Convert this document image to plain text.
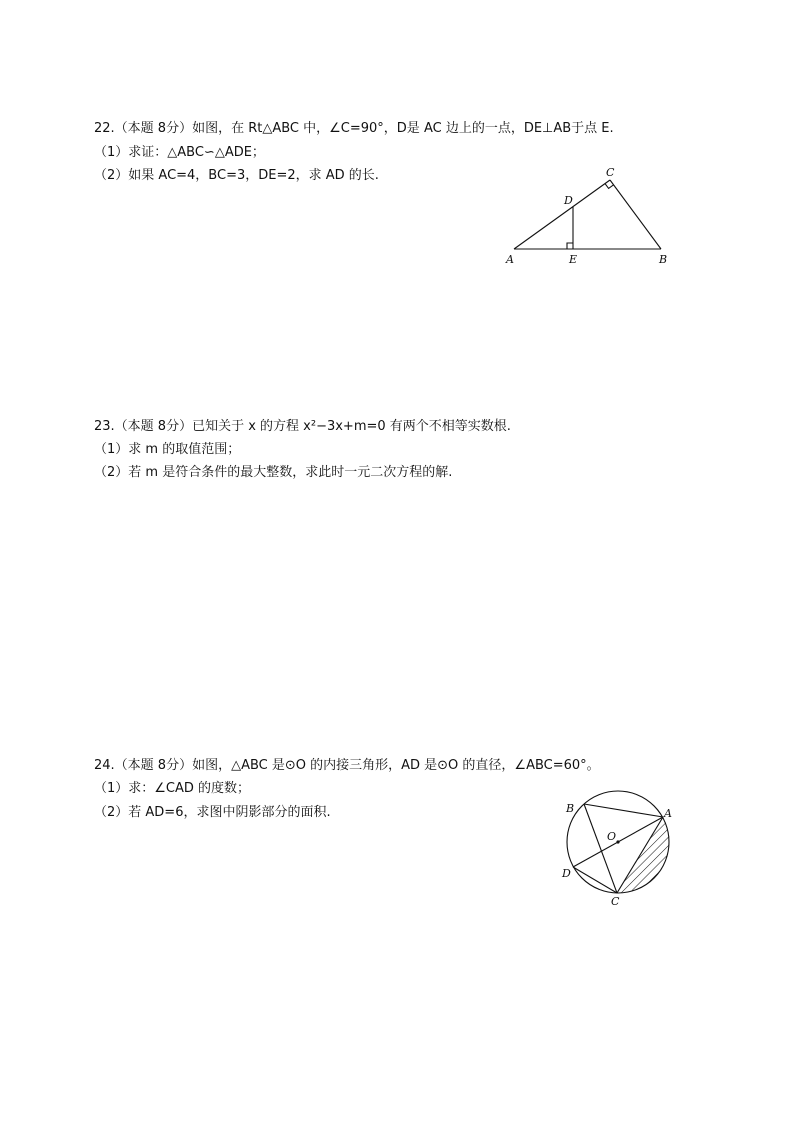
22.（本题 8分）如图，在 Rt△ABC 中，∠C=90°，D是 AC 边上的一点，DE⊥AB于点 E.
（1）求证：△ABC∽△ADE；
（2）如果 AC=4，BC=3，DE=2，求 AD 的长.
A	E	B
D
C
23.（本题 8分）已知关于 x 的方程 x²−3x+m=0 有两个不相等实数根.
（1）求 m 的取值范围；
（2）若 m 是符合条件的最大整数，求此时一元二次方程的解.
24.（本题 8分）如图，△ABC 是⊙O 的内接三角形，AD 是⊙O 的直径，∠ABC=60°。
（1）求：∠CAD 的度数；
（2）若 AD=6，求图中阴影部分的面积.	B	A
O
D
C
